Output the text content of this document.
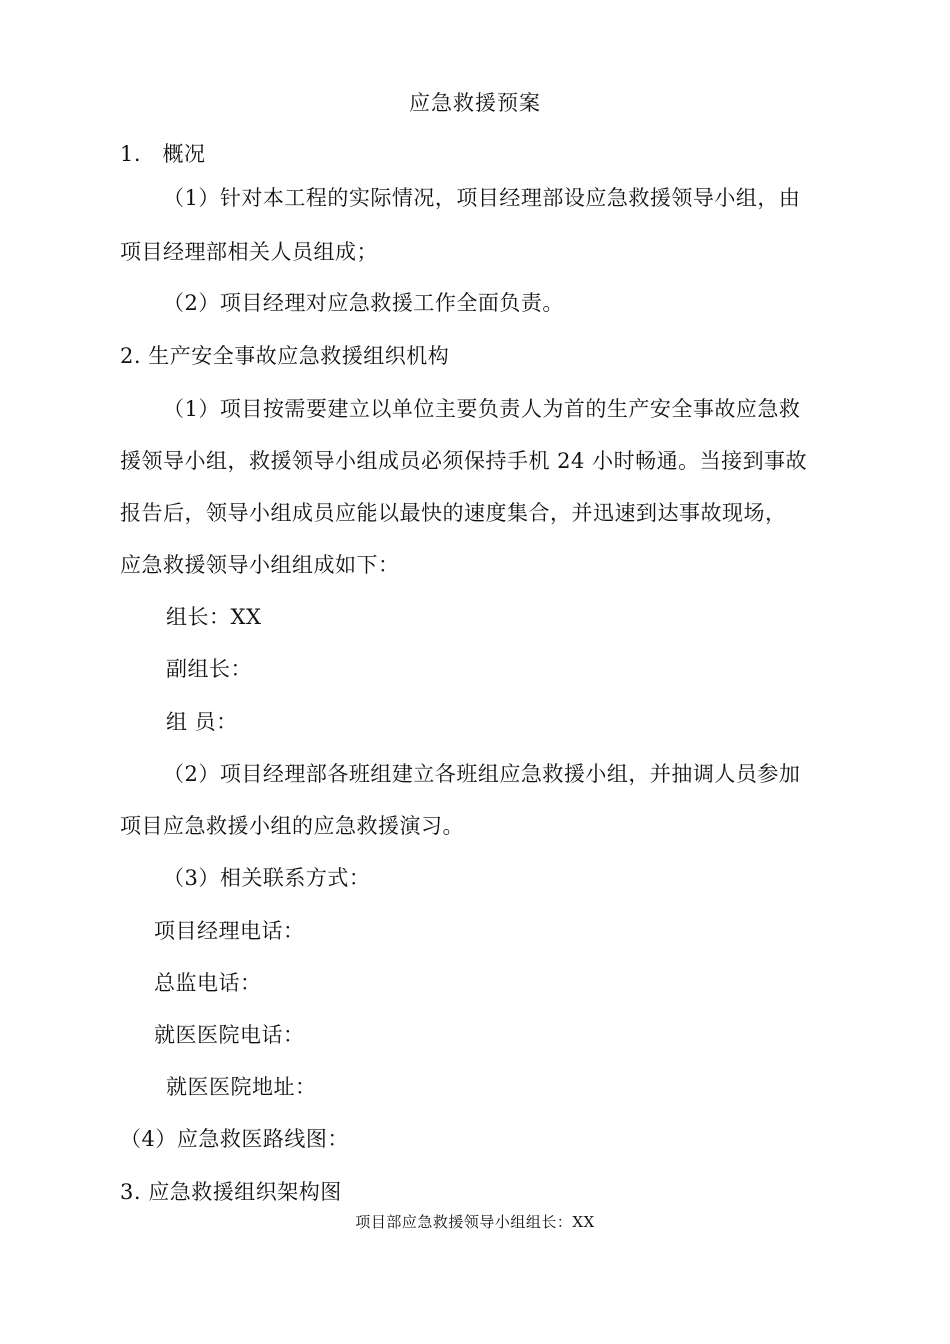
应急救援预案
1.　概况
（1）针对本工程的实际情况，项目经理部设应急救援领导小组，由
项目经理部相关人员组成；
（2）项目经理对应急救援工作全面负责。
2. 生产安全事故应急救援组织机构
（1）项目按需要建立以单位主要负责人为首的生产安全事故应急救
援领导小组，救援领导小组成员必须保持手机 24 小时畅通。当接到事故
报告后，领导小组成员应能以最快的速度集合，并迅速到达事故现场，
应急救援领导小组组成如下：
组长：XX
副组长：
组 员：
（2）项目经理部各班组建立各班组应急救援小组，并抽调人员参加
项目应急救援小组的应急救援演习。
（3）相关联系方式：
项目经理电话：
总监电话：
就医医院电话：
就医医院地址：
（4）应急救医路线图：
3. 应急救援组织架构图
项目部应急救援领导小组组长：XX
